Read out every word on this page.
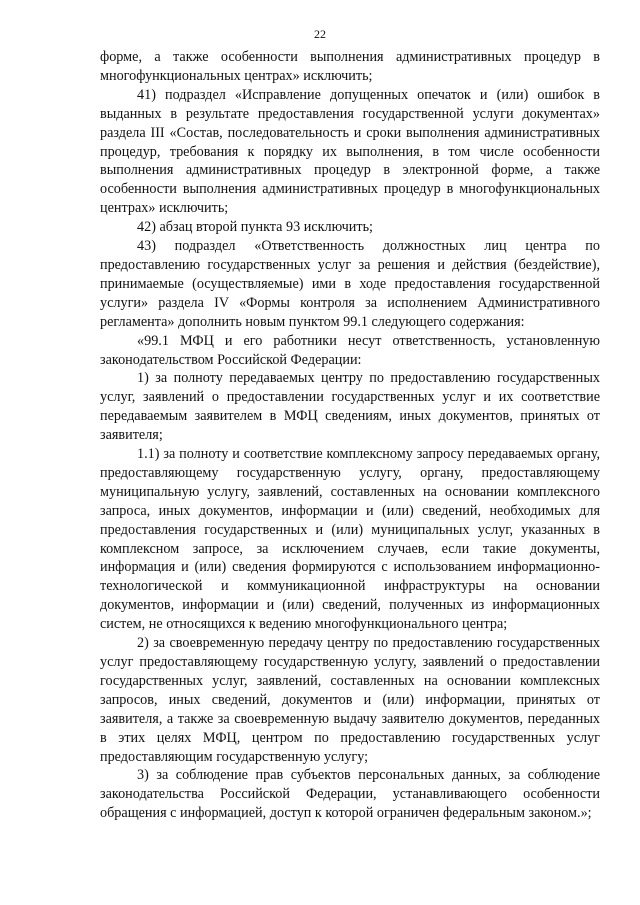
22

форме, а также особенности выполнения административных процедур в многофункциональных центрах» исключить;

41) подраздел «Исправление допущенных опечаток и (или) ошибок в выданных в результате предоставления государственной услуги документах» раздела III «Состав, последовательность и сроки выполнения административных процедур, требования к порядку их выполнения, в том числе особенности выполнения административных процедур в электронной форме, а также особенности выполнения административных процедур в многофункциональных центрах» исключить;

42) абзац второй пункта 93 исключить;

43) подраздел «Ответственность должностных лиц центра по предоставлению государственных услуг за решения и действия (бездействие), принимаемые (осуществляемые) ими в ходе предоставления государственной услуги» раздела IV «Формы контроля за исполнением Административного регламента» дополнить новым пунктом 99.1 следующего содержания:

«99.1 МФЦ и его работники несут ответственность, установленную законодательством Российской Федерации:

1) за полноту передаваемых центру по предоставлению государственных услуг, заявлений о предоставлении государственных услуг и их соответствие передаваемым заявителем в МФЦ сведениям, иных документов, принятых от заявителя;

1.1) за полноту и соответствие комплексному запросу передаваемых органу, предоставляющему государственную услугу, органу, предоставляющему муниципальную услугу, заявлений, составленных на основании комплексного запроса, иных документов, информации и (или) сведений, необходимых для предоставления государственных и (или) муниципальных услуг, указанных в комплексном запросе, за исключением случаев, если такие документы, информация и (или) сведения формируются с использованием информационно-технологической и коммуникационной инфраструктуры на основании документов, информации и (или) сведений, полученных из информационных систем, не относящихся к ведению многофункционального центра;

2) за своевременную передачу центру по предоставлению государственных услуг предоставляющему государственную услугу, заявлений о предоставлении государственных услуг, заявлений, составленных на основании комплексных запросов, иных сведений, документов и (или) информации, принятых от заявителя, а также за своевременную выдачу заявителю документов, переданных в этих целях МФЦ, центром по предоставлению государственных услуг предоставляющим государственную услугу;

3) за соблюдение прав субъектов персональных данных, за соблюдение законодательства Российской Федерации, устанавливающего особенности обращения с информацией, доступ к которой ограничен федеральным законом.»;
